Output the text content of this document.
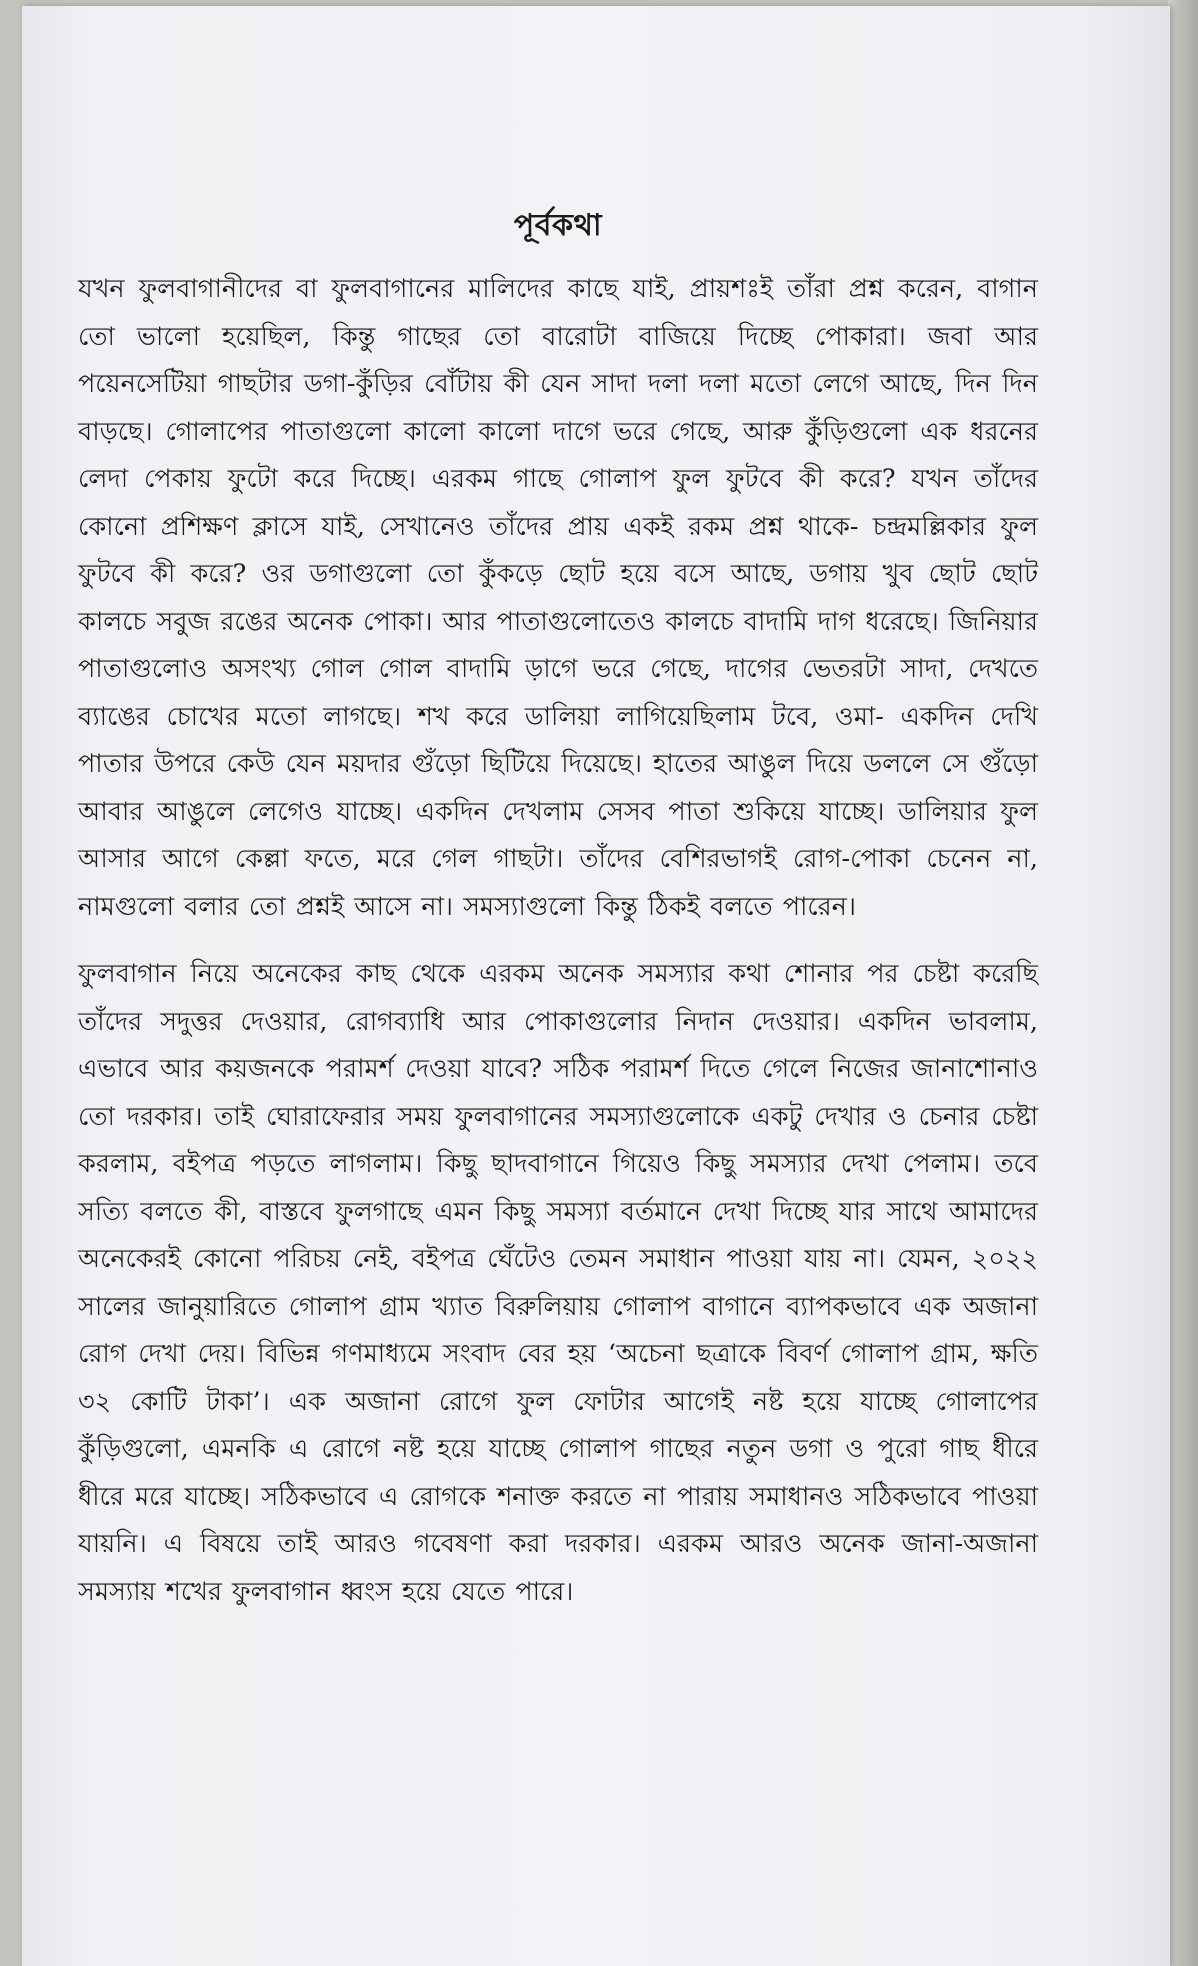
পূর্বকথা

যখন ফুলবাগানীদের বা ফুলবাগানের মালিদের কাছে যাই, প্রায়শঃই তাঁরা প্রশ্ন করেন, বাগান তো ভালো হয়েছিল, কিন্তু গাছের তো বারোটা বাজিয়ে দিচ্ছে পোকারা। জবা আর পয়েনসেটিয়া গাছটার ডগা-কুঁড়ির বোঁটায় কী যেন সাদা দলা দলা মতো লেগে আছে, দিন দিন বাড়ছে। গোলাপের পাতাগুলো কালো কালো দাগে ভরে গেছে, আরু কুঁড়িগুলো এক ধরনের লেদা পেকায় ফুটো করে দিচ্ছে। এরকম গাছে গোলাপ ফুল ফুটবে কী করে? যখন তাঁদের কোনো প্রশিক্ষণ ক্লাসে যাই, সেখানেও তাঁদের প্রায় একই রকম প্রশ্ন থাকে- চন্দ্রমল্লিকার ফুল ফুটবে কী করে? ওর ডগাগুলো তো কুঁকড়ে ছোট হয়ে বসে আছে, ডগায় খুব ছোট ছোট কালচে সবুজ রঙের অনেক পোকা। আর পাতাগুলোতেও কালচে বাদামি দাগ ধরেছে। জিনিয়ার পাতাগুলোও অসংখ্য গোল গোল বাদামি ড়াগে ভরে গেছে, দাগের ভেতরটা সাদা, দেখতে ব্যাঙের চোখের মতো লাগছে। শখ করে ডালিয়া লাগিয়েছিলাম টবে, ওমা- একদিন দেখি পাতার উপরে কেউ যেন ময়দার গুঁড়ো ছিটিয়ে দিয়েছে। হাতের আঙুল দিয়ে ডললে সে গুঁড়ো আবার আঙুলে লেগেও যাচ্ছে। একদিন দেখলাম সেসব পাতা শুকিয়ে যাচ্ছে। ডালিয়ার ফুল আসার আগে কেল্লা ফতে, মরে গেল গাছটা। তাঁদের বেশিরভাগই রোগ-পোকা চেনেন না, নামগুলো বলার তো প্রশ্নই আসে না। সমস্যাগুলো কিন্তু ঠিকই বলতে পারেন।

ফুলবাগান নিয়ে অনেকের কাছ থেকে এরকম অনেক সমস্যার কথা শোনার পর চেষ্টা করেছি তাঁদের সদুত্তর দেওয়ার, রোগব্যাধি আর পোকাগুলোর নিদান দেওয়ার। একদিন ভাবলাম, এভাবে আর কয়জনকে পরামর্শ দেওয়া যাবে? সঠিক পরামর্শ দিতে গেলে নিজের জানাশোনাও তো দরকার। তাই ঘোরাফেরার সময় ফুলবাগানের সমস্যাগুলোকে একটু দেখার ও চেনার চেষ্টা করলাম, বইপত্র পড়তে লাগলাম। কিছু ছাদবাগানে গিয়েও কিছু সমস্যার দেখা পেলাম। তবে সত্যি বলতে কী, বাস্তবে ফুলগাছে এমন কিছু সমস্যা বর্তমানে দেখা দিচ্ছে যার সাথে আমাদের অনেকেরই কোনো পরিচয় নেই, বইপত্র ঘেঁটেও তেমন সমাধান পাওয়া যায় না। যেমন, ২০২২ সালের জানুয়ারিতে গোলাপ গ্রাম খ্যাত বিরুলিয়ায় গোলাপ বাগানে ব্যাপকভাবে এক অজানা রোগ দেখা দেয়। বিভিন্ন গণমাধ্যমে সংবাদ বের হয় ‘অচেনা ছত্রাকে বিবর্ণ গোলাপ গ্রাম, ক্ষতি ৩২ কোটি টাকা’। এক অজানা রোগে ফুল ফোটার আগেই নষ্ট হয়ে যাচ্ছে গোলাপের কুঁড়িগুলো, এমনকি এ রোগে নষ্ট হয়ে যাচ্ছে গোলাপ গাছের নতুন ডগা ও পুরো গাছ ধীরে ধীরে মরে যাচ্ছে। সঠিকভাবে এ রোগকে শনাক্ত করতে না পারায় সমাধানও সঠিকভাবে পাওয়া যায়নি। এ বিষয়ে তাই আরও গবেষণা করা দরকার। এরকম আরও অনেক জানা-অজানা সমস্যায় শখের ফুলবাগান ধ্বংস হয়ে যেতে পারে।
